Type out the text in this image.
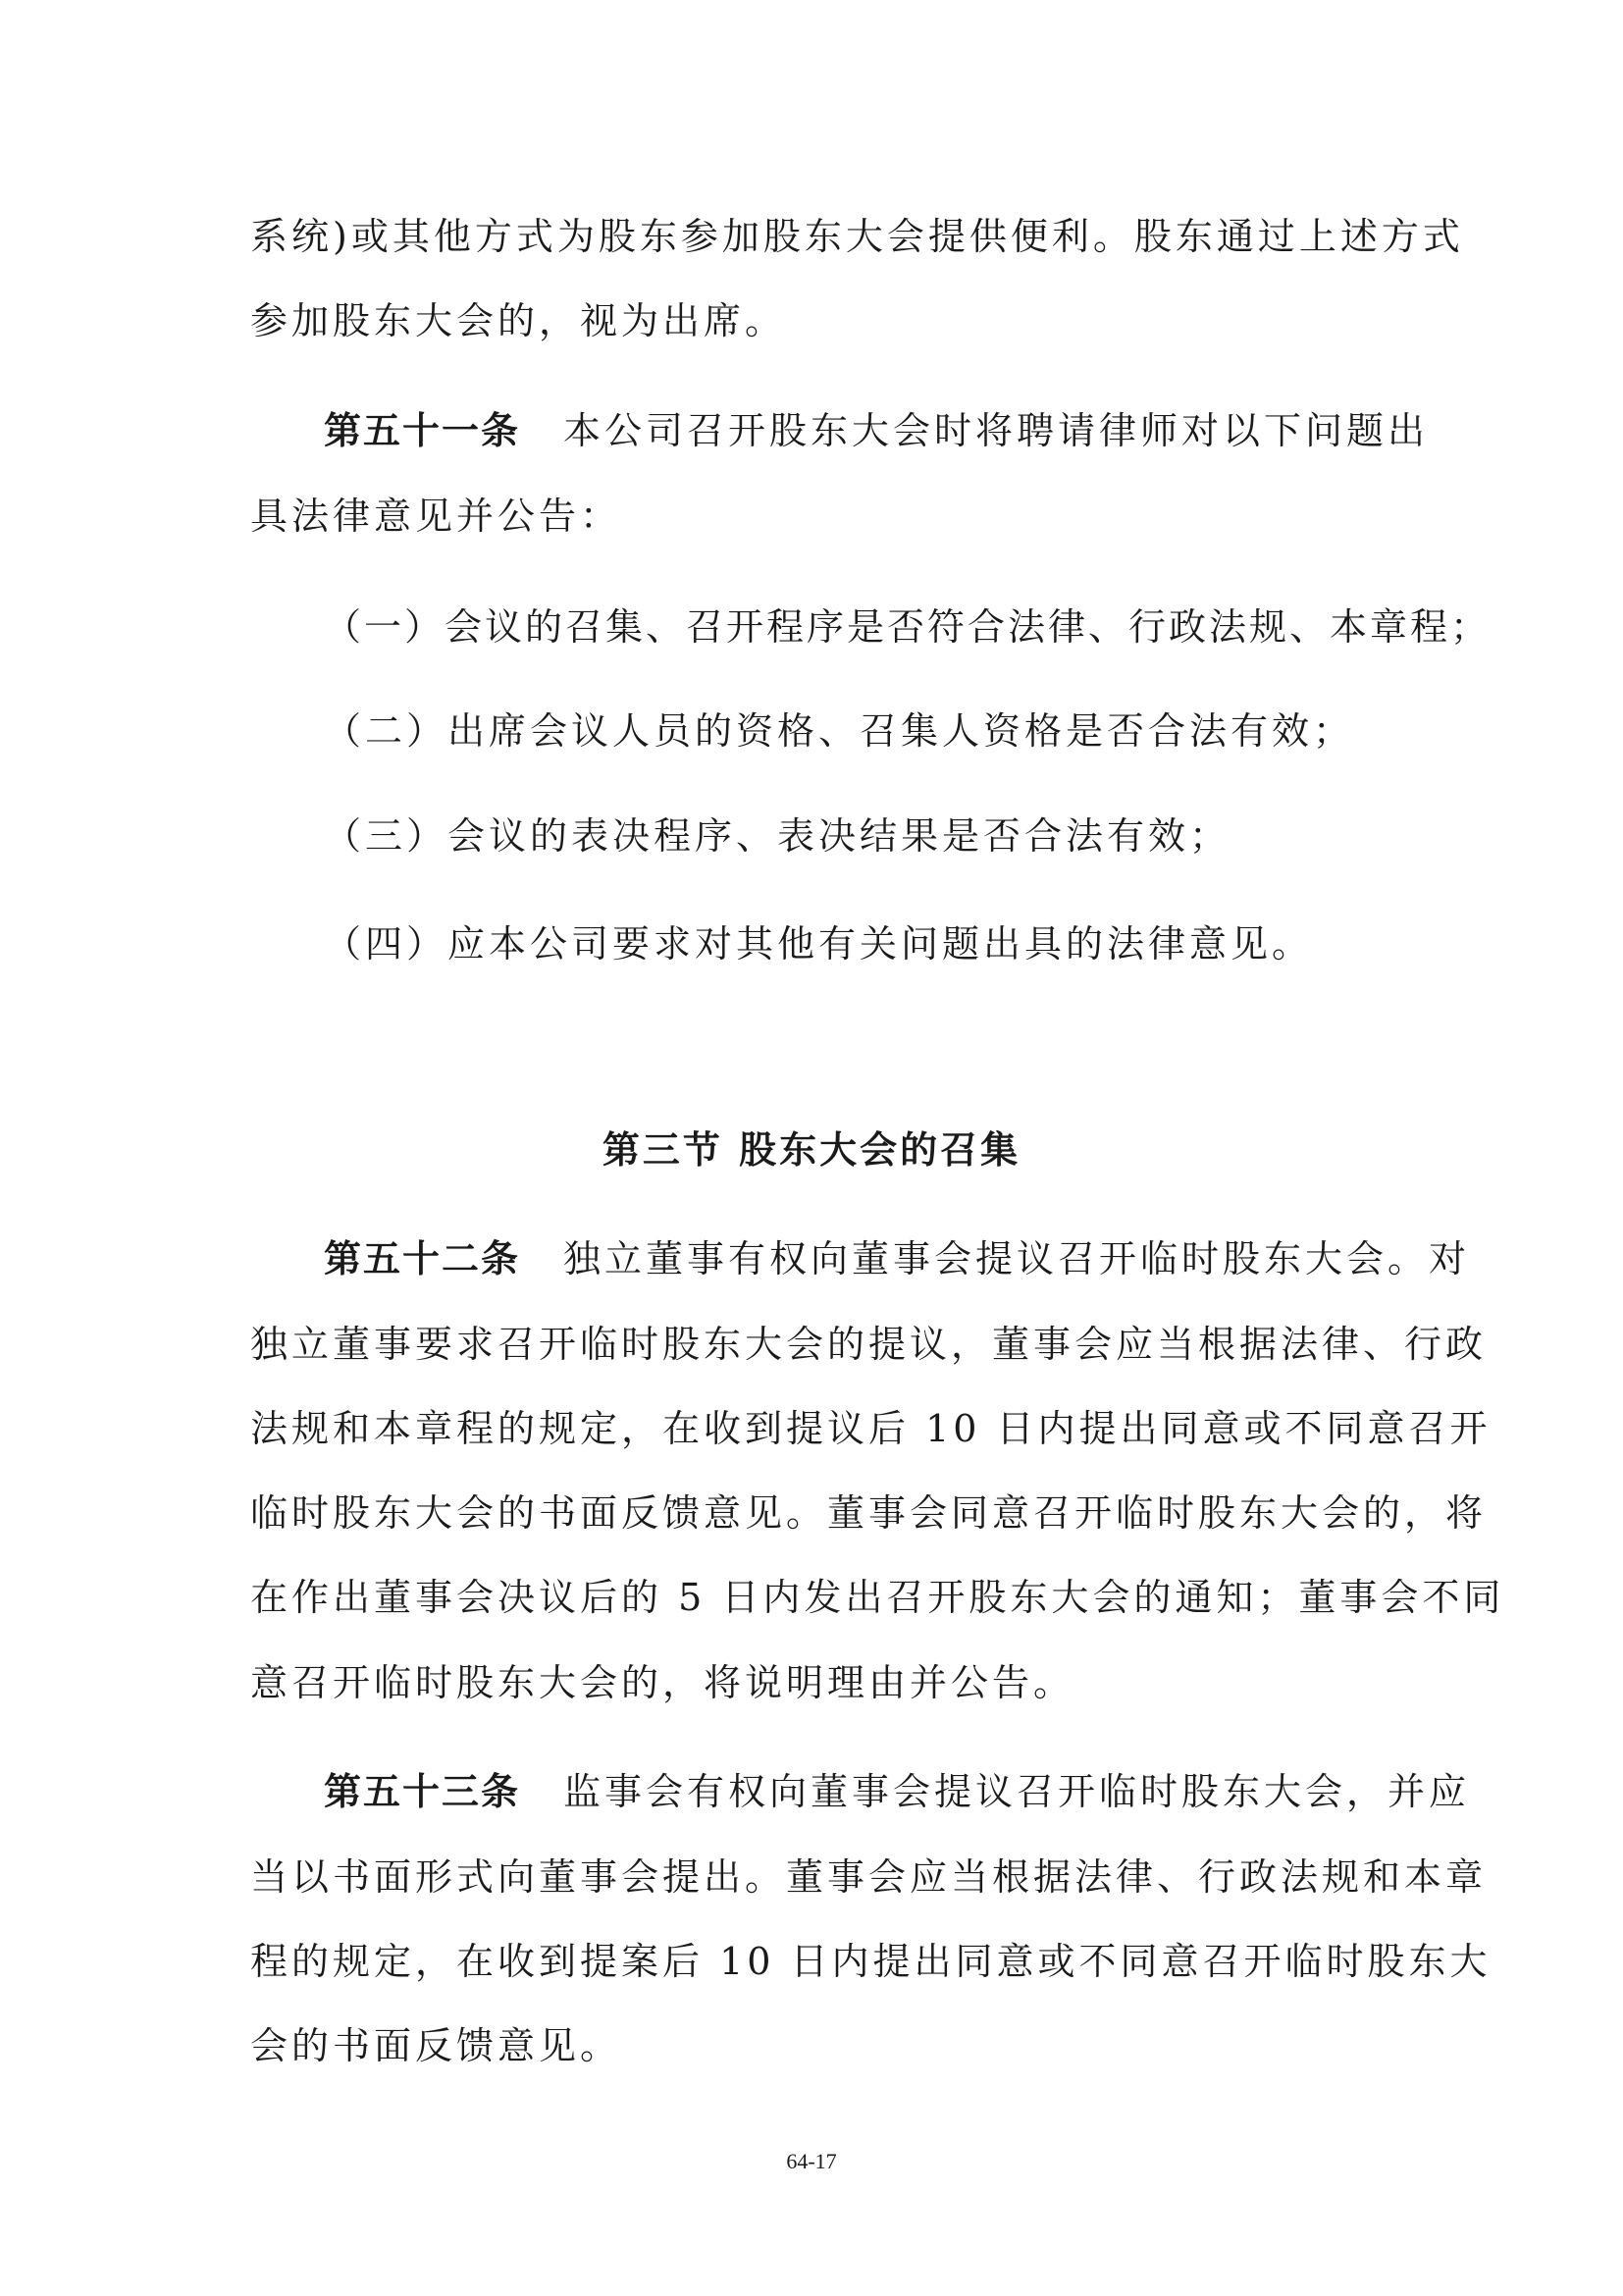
系统)或其他方式为股东参加股东大会提供便利。股东通过上述方式
参加股东大会的，视为出席。
第五十一条 本公司召开股东大会时将聘请律师对以下问题出
具法律意见并公告：
（一）会议的召集、召开程序是否符合法律、行政法规、本章程；
（二）出席会议人员的资格、召集人资格是否合法有效；
（三）会议的表决程序、表决结果是否合法有效；
（四）应本公司要求对其他有关问题出具的法律意见。
第三节 股东大会的召集
第五十二条 独立董事有权向董事会提议召开临时股东大会。对
独立董事要求召开临时股东大会的提议，董事会应当根据法律、行政
法规和本章程的规定，在收到提议后 10 日内提出同意或不同意召开
临时股东大会的书面反馈意见。董事会同意召开临时股东大会的，将
在作出董事会决议后的 5 日内发出召开股东大会的通知；董事会不同
意召开临时股东大会的，将说明理由并公告。
第五十三条 监事会有权向董事会提议召开临时股东大会，并应
当以书面形式向董事会提出。董事会应当根据法律、行政法规和本章
程的规定，在收到提案后 10 日内提出同意或不同意召开临时股东大
会的书面反馈意见。
64-17
